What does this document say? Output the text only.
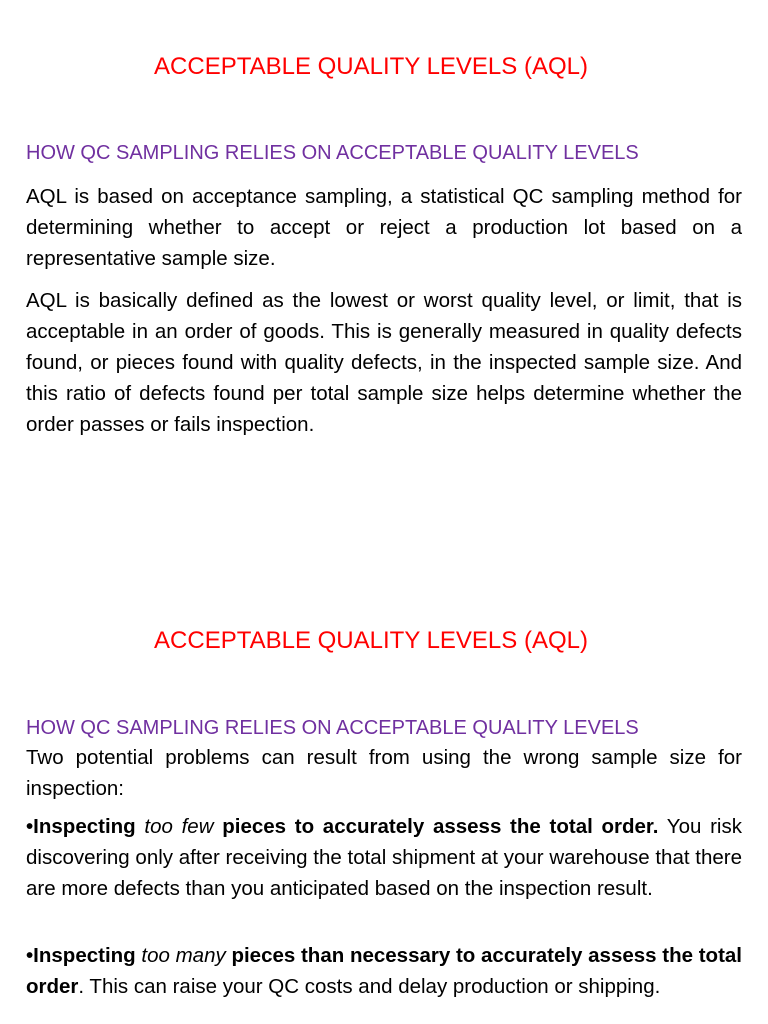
ACCEPTABLE QUALITY LEVELS (AQL)
HOW QC SAMPLING RELIES ON ACCEPTABLE QUALITY LEVELS

AQL is based on acceptance sampling, a statistical QC sampling method for determining whether to accept or reject a production lot based on a representative sample size.

AQL is basically defined as the lowest or worst quality level, or limit, that is acceptable in an order of goods. This is generally measured in quality defects found, or pieces found with quality defects, in the inspected sample size. And this ratio of defects found per total sample size helps determine whether the order passes or fails inspection.

ACCEPTABLE QUALITY LEVELS (AQL)
HOW QC SAMPLING RELIES ON ACCEPTABLE QUALITY LEVELS

Two potential problems can result from using the wrong sample size for inspection:

•Inspecting too few pieces to accurately assess the total order. You risk discovering only after receiving the total shipment at your warehouse that there are more defects than you anticipated based on the inspection result.

•Inspecting too many pieces than necessary to accurately assess the total order. This can raise your QC costs and delay production or shipping.
